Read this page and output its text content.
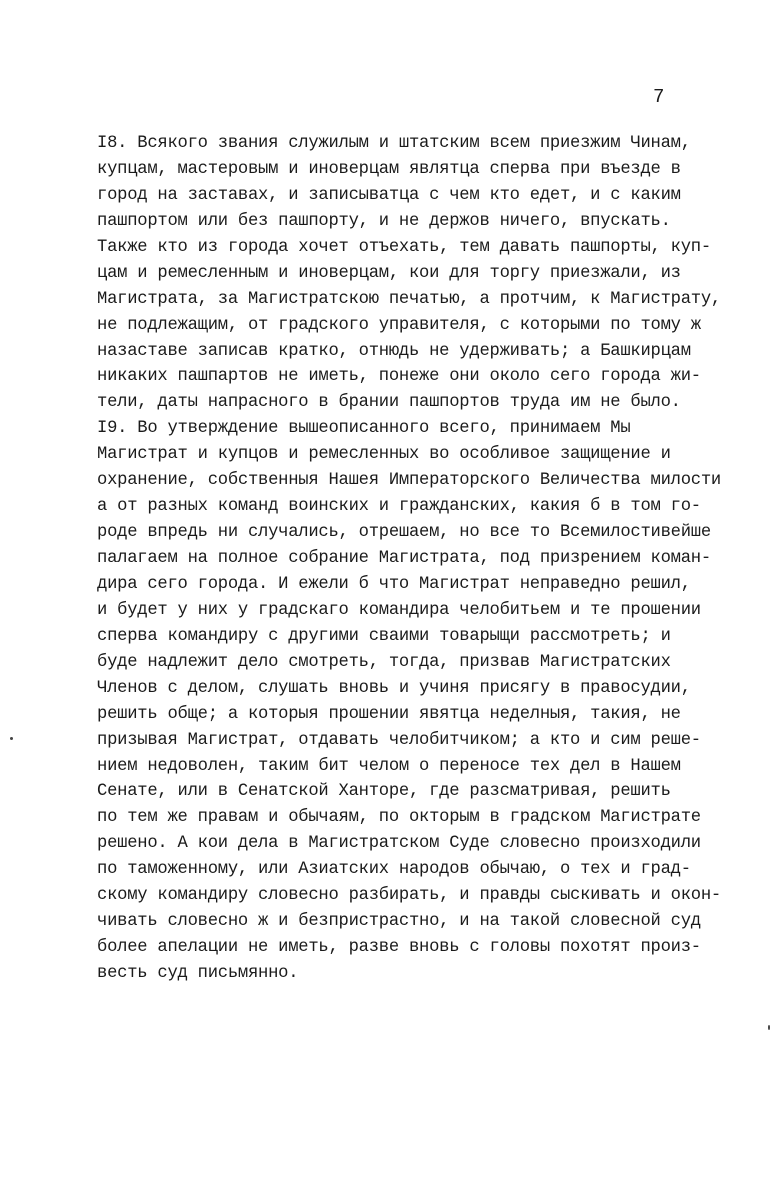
7
I8. Всякого звания служилым и штатским всем приезжим Чинам,
купцам, мастеровым и иноверцам являтца сперва при въезде в
город на заставах, и записыватца с чем кто едет, и с каким
пашпортом или без пашпорту, и не держов ничего, впускать.
Также кто из города хочет отъехать, тем давать пашпорты, куп-
цам и ремесленным и иноверцам, кои для торгу приезжали, из
Магистрата, за Магистратскою печатью, а протчим, к Магистрату,
не подлежащим, от градского управителя, с которыми по тому ж
назаставе записав кратко, отнюдь не удерживать; а Башкирцам
никаких пашпартов не иметь, понеже они около сего города жи-
тели, даты напрасного в брании пашпортов труда им не было.
I9. Во утверждение вышеописанного всего, принимаем Мы
Магистрат и купцов и ремесленных во особливое защищение и
охранение, собственныя Нашея Императорского Величества милости
а от разных команд воинских и гражданских, какия б в том го-
роде впредь ни случались, отрешаем, но все то Всемилостивейше
палагаем на полное собрание Магистрата, под призрением коман-
дира сего города. И ежели б что Магистрат неправедно решил,
и будет у них у градскаго командира челобитьем и те прошении
сперва командиру с другими сваими товарыщи рассмотреть; и
буде надлежит дело смотреть, тогда, призвав Магистратских
Членов с делом, слушать вновь и учиня присягу в правосудии,
решить обще; а которыя прошении явятца неделныя, такия, не
призывая Магистрат, отдавать челобитчиком; а кто и сим реше-
нием недоволен, таким бит челом о переносе тех дел в Нашем
Сенате, или в Сенатской Ханторе, где разсматривая, решить
по тем же правам и обычаям, по окторым в градском Магистрате
решено. А кои дела в Магистратском Суде словесно произходили
по таможенному, или Азиатских народов обычаю, о тех и град-
скому командиру словесно разбирать, и правды сыскивать и окон-
чивать словесно ж и безпристрастно, и на такой словесной суд
более апелации не иметь, разве вновь с головы похотят произ-
весть суд письмянно.
